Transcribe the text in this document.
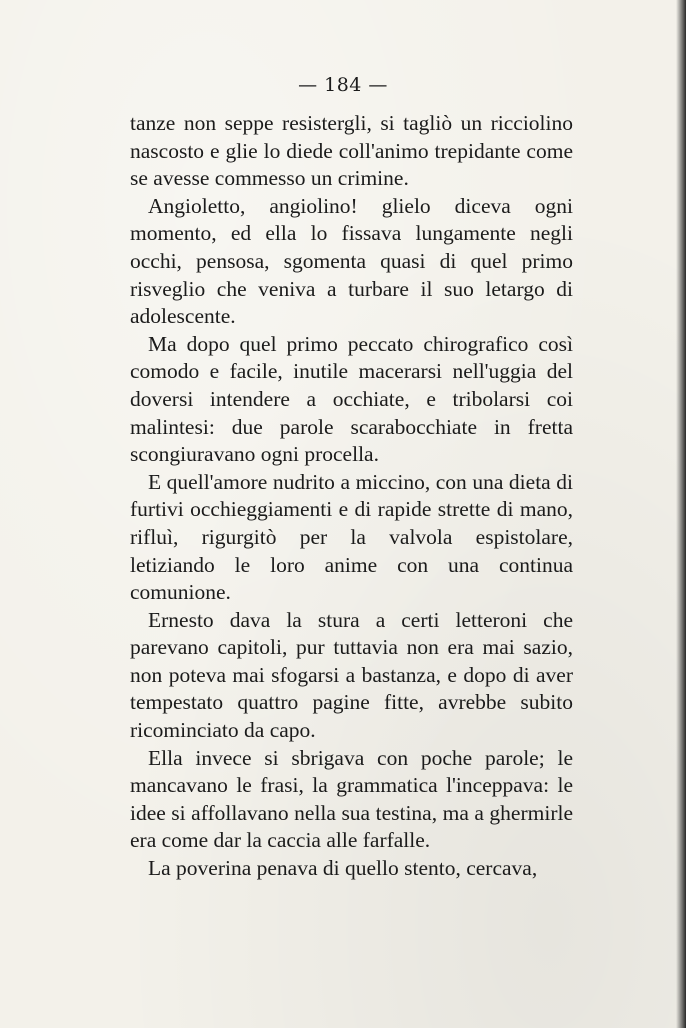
— 184 —

tanze non seppe resistergli, si tagliò un ricciolino nascosto e glie lo diede coll'animo trepidante come se avesse commesso un crimine.

Angioletto, angiolino! glielo diceva ogni momento, ed ella lo fissava lungamente negli occhi, pensosa, sgomenta quasi di quel primo risveglio che veniva a turbare il suo letargo di adolescente.

Ma dopo quel primo peccato chirografico così comodo e facile, inutile macerarsi nell'uggia del doversi intendere a occhiate, e tribolarsi coi malintesi: due parole scarabocchiate in fretta scongiuravano ogni procella.

E quell'amore nudrito a miccino, con una dieta di furtivi occhieggiamenti e di rapide strette di mano, rifluì, rigurgitò per la valvola espistolare, letiziando le loro anime con una continua comunione.

Ernesto dava la stura a certi letteroni che parevano capitoli, pur tuttavia non era mai sazio, non poteva mai sfogarsi a bastanza, e dopo di aver tempestato quattro pagine fitte, avrebbe subito ricominciato da capo.

Ella invece si sbrigava con poche parole; le mancavano le frasi, la grammatica l'inceppava: le idee si affollavano nella sua testina, ma a ghermirle era come dar la caccia alle farfalle.

La poverina penava di quello stento, cercava,
